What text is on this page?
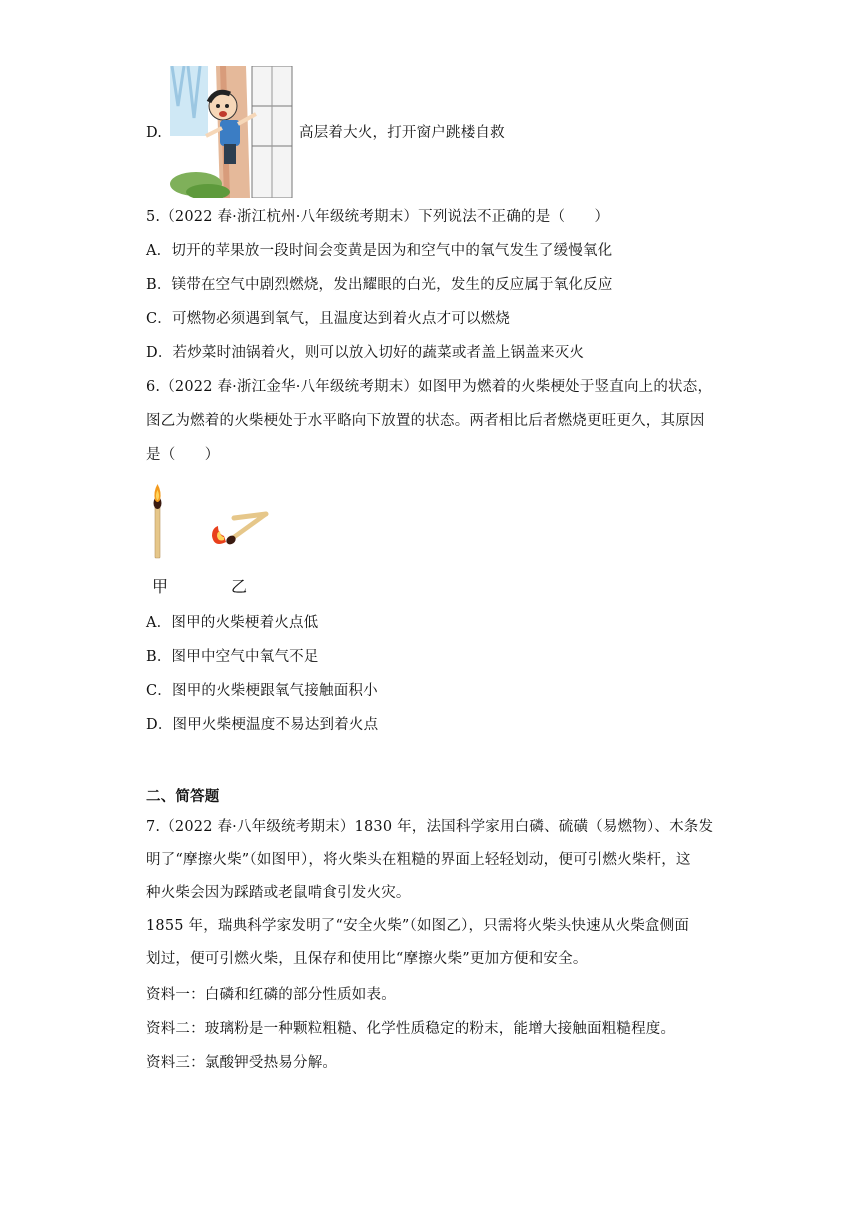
D.	高层着大火，打开窗户跳楼自救
5.（2022 春·浙江杭州·八年级统考期末）下列说法不正确的是（　　）
A．切开的苹果放一段时间会变黄是因为和空气中的氧气发生了缓慢氧化
B．镁带在空气中剧烈燃烧，发出耀眼的白光，发生的反应属于氧化反应
C．可燃物必须遇到氧气，且温度达到着火点才可以燃烧
D．若炒菜时油锅着火，则可以放入切好的蔬菜或者盖上锅盖来灭火
6.（2022 春·浙江金华·八年级统考期末）如图甲为燃着的火柴梗处于竖直向上的状态，
图乙为燃着的火柴梗处于水平略向下放置的状态。两者相比后者燃烧更旺更久，其原因
是（　　）
甲	乙
A．图甲的火柴梗着火点低
B．图甲中空气中氧气不足
C．图甲的火柴梗跟氧气接触面积小
D．图甲火柴梗温度不易达到着火点
二、简答题
7.（2022 春·八年级统考期末）1830 年，法国科学家用白磷、硫磺（易燃物）、木条发
明了“摩擦火柴”（如图甲），将火柴头在粗糙的界面上轻轻划动，便可引燃火柴杆，这
种火柴会因为踩踏或老鼠啃食引发火灾。
1855 年，瑞典科学家发明了“安全火柴”（如图乙），只需将火柴头快速从火柴盒侧面
划过，便可引燃火柴，且保存和使用比“摩擦火柴”更加方便和安全。
资料一：白磷和红磷的部分性质如表。
资料二：玻璃粉是一种颗粒粗糙、化学性质稳定的粉末，能增大接触面粗糙程度。
资料三：氯酸钾受热易分解。
